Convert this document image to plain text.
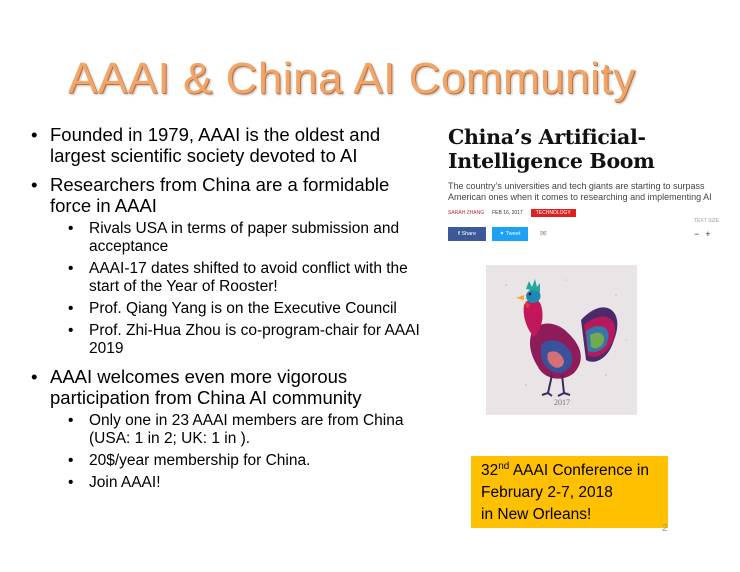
AAAI & China AI Community
• Founded in 1979, AAAI is the oldest and largest scientific society devoted to AI
• Researchers from China are a formidable force in AAAI
• Rivals USA in terms of paper submission and acceptance
• AAAI-17 dates shifted to avoid conflict with the start of the Year of Rooster!
• Prof. Qiang Yang is on the Executive Council
• Prof. Zhi-Hua Zhou is co-program-chair for AAAI 2019
• AAAI welcomes even more vigorous participation from China AI community
• Only one in 23 AAAI members are from China (USA: 1 in 2; UK: 1 in ).
• 20$/year membership for China.
• Join AAAI!
China’s Artificial-
Intelligence Boom
The country’s universities and tech giants are starting to surpass American ones when it comes to researching and implementing AI
SARAH ZHANG FEB 16, 2017	TECHNOLOGY
f Share	✦ Tweet	✉
TEXT SIZE
−+
2017
32nd AAAI Conference in
February 2-7, 2018
in New Orleans!
2
